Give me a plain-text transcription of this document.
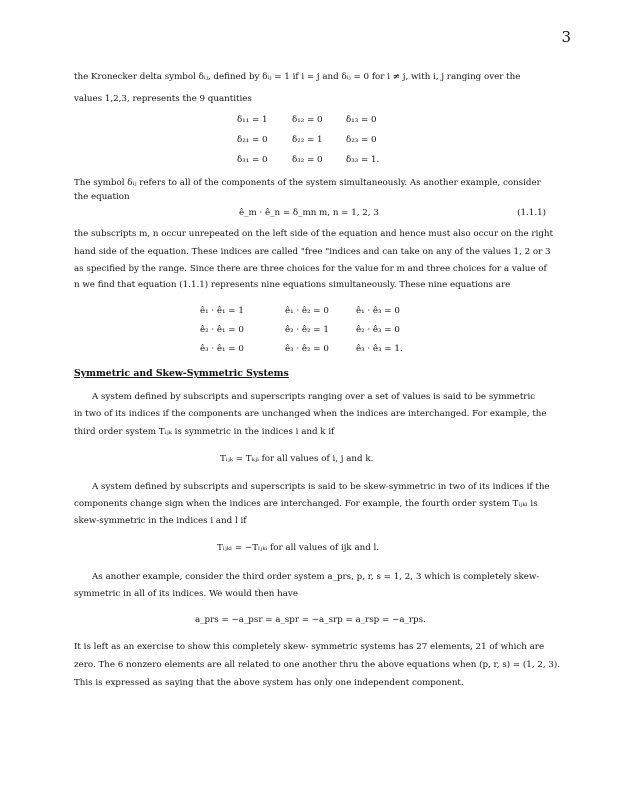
3
the Kronecker delta symbol δᵢⱼ, defined by δᵢⱼ = 1 if i = j and δᵢⱼ = 0 for i ≠ j, with i, j ranging over the
values 1,2,3, represents the 9 quantities
δ₁₁ = 1	δ₁₂ = 0	δ₁₃ = 0
δ₂₁ = 0	δ₂₂ = 1	δ₂₃ = 0
δ₃₁ = 0	δ₃₂ = 0	δ₃₃ = 1.
The symbol δᵢⱼ refers to all of the components of the system simultaneously. As another example, consider
the equation
ê_m · ê_n = δ_mn m, n = 1, 2, 3	(1.1.1)
the subscripts m, n occur unrepeated on the left side of the equation and hence must also occur on the right
hand side of the equation. These indices are called "free "indices and can take on any of the values 1, 2 or 3
as specified by the range. Since there are three choices for the value for m and three choices for a value of
n we find that equation (1.1.1) represents nine equations simultaneously. These nine equations are
ê₁ · ê₁ = 1	ê₁ · ê₂ = 0	ê₁ · ê₃ = 0
ê₂ · ê₁ = 0	ê₂ · ê₂ = 1	ê₂ · ê₃ = 0
ê₃ · ê₁ = 0	ê₃ · ê₂ = 0	ê₃ · ê₃ = 1.
Symmetric and Skew-Symmetric Systems
A system defined by subscripts and superscripts ranging over a set of values is said to be symmetric
in two of its indices if the components are unchanged when the indices are interchanged. For example, the
third order system Tᵢⱼₖ is symmetric in the indices i and k if
Tᵢⱼₖ = Tₖⱼᵢ for all values of i, j and k.
A system defined by subscripts and superscripts is said to be skew-symmetric in two of its indices if the
components change sign when the indices are interchanged. For example, the fourth order system Tᵢⱼₖₗ is
skew-symmetric in the indices i and l if
Tᵢⱼₖₗ = −Tₗⱼₖᵢ for all values of ijk and l.
As another example, consider the third order system a_prs, p, r, s = 1, 2, 3 which is completely skew-
symmetric in all of its indices. We would then have
a_prs = −a_psr = a_spr = −a_srp = a_rsp = −a_rps.
It is left as an exercise to show this completely skew- symmetric systems has 27 elements, 21 of which are
zero. The 6 nonzero elements are all related to one another thru the above equations when (p, r, s) = (1, 2, 3).
This is expressed as saying that the above system has only one independent component.
